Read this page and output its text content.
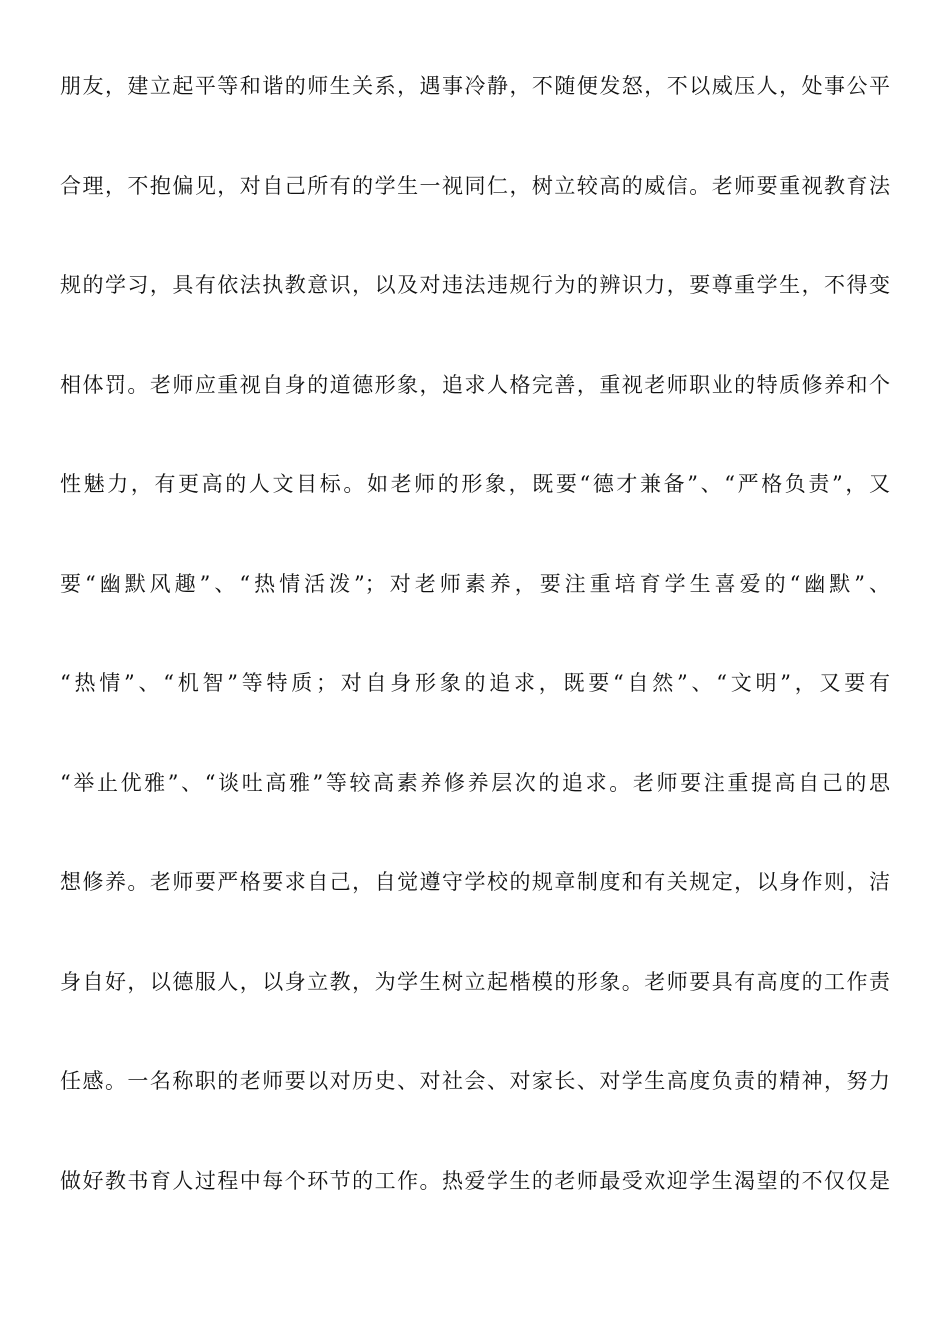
朋友，建立起平等和谐的师生关系，遇事冷静，不随便发怒，不以威压人，处事公平
合理，不抱偏见，对自己所有的学生一视同仁，树立较高的威信。老师要重视教育法
规的学习，具有依法执教意识，以及对违法违规行为的辨识力，要尊重学生，不得变
相体罚。老师应重视自身的道德形象，追求人格完善，重视老师职业的特质修养和个
性魅力，有更高的人文目标。如老师的形象，既要“德才兼备”、“严格负责”，又
要“幽默风趣”、“热情活泼”；对老师素养，要注重培育学生喜爱的“幽默”、
“热情”、“机智”等特质；对自身形象的追求，既要“自然”、“文明”，又要有
“举止优雅”、“谈吐高雅”等较高素养修养层次的追求。老师要注重提高自己的思
想修养。老师要严格要求自己，自觉遵守学校的规章制度和有关规定，以身作则，洁
身自好，以德服人，以身立教，为学生树立起楷模的形象。老师要具有高度的工作责
任感。一名称职的老师要以对历史、对社会、对家长、对学生高度负责的精神，努力
做好教书育人过程中每个环节的工作。热爱学生的老师最受欢迎学生渴望的不仅仅是
